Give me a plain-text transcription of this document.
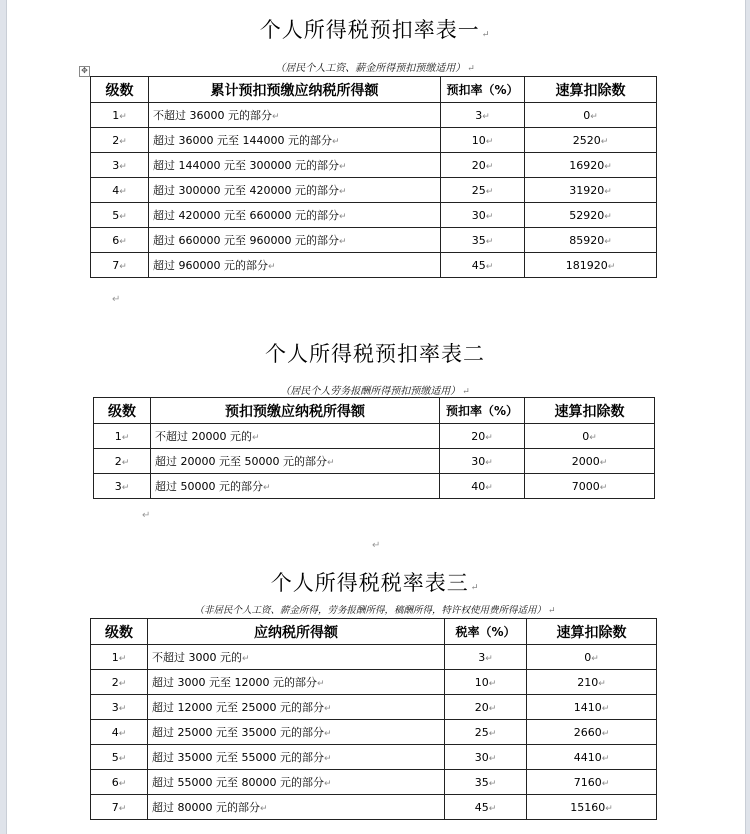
✥
个人所得税预扣率表一 ↵
（居民个人工资、薪金所得预扣预缴适用） ↵
级数	累计预扣预缴应纳税所得额	预扣率（%）	速算扣除数
1↵	不超过 36000 元的部分↵	3↵	0↵
2↵	超过 36000 元至 144000 元的部分↵	10↵	2520↵
3↵	超过 144000 元至 300000 元的部分↵	20↵	16920↵
4↵	超过 300000 元至 420000 元的部分↵	25↵	31920↵
5↵	超过 420000 元至 660000 元的部分↵	30↵	52920↵
6↵	超过 660000 元至 960000 元的部分↵	35↵	85920↵
7↵	超过 960000 元的部分↵	45↵	181920↵
↵
个人所得税预扣率表二
（居民个人劳务报酬所得预扣预缴适用） ↵
级数	预扣预缴应纳税所得额	预扣率（%）	速算扣除数
1↵	不超过 20000 元的↵	20↵	0↵
2↵	超过 20000 元至 50000 元的部分↵	30↵	2000↵
3↵	超过 50000 元的部分↵	40↵	7000↵
↵
↵
个人所得税税率表三 ↵
（非居民个人工资、薪金所得，劳务报酬所得，稿酬所得，特许权使用费所得适用） ↵
级数	应纳税所得额	税率（%）	速算扣除数
1↵	不超过 3000 元的↵	3↵	0↵
2↵	超过 3000 元至 12000 元的部分↵	10↵	210↵
3↵	超过 12000 元至 25000 元的部分↵	20↵	1410↵
4↵	超过 25000 元至 35000 元的部分↵	25↵	2660↵
5↵	超过 35000 元至 55000 元的部分↵	30↵	4410↵
6↵	超过 55000 元至 80000 元的部分↵	35↵	7160↵
7↵	超过 80000 元的部分↵	45↵	15160↵
